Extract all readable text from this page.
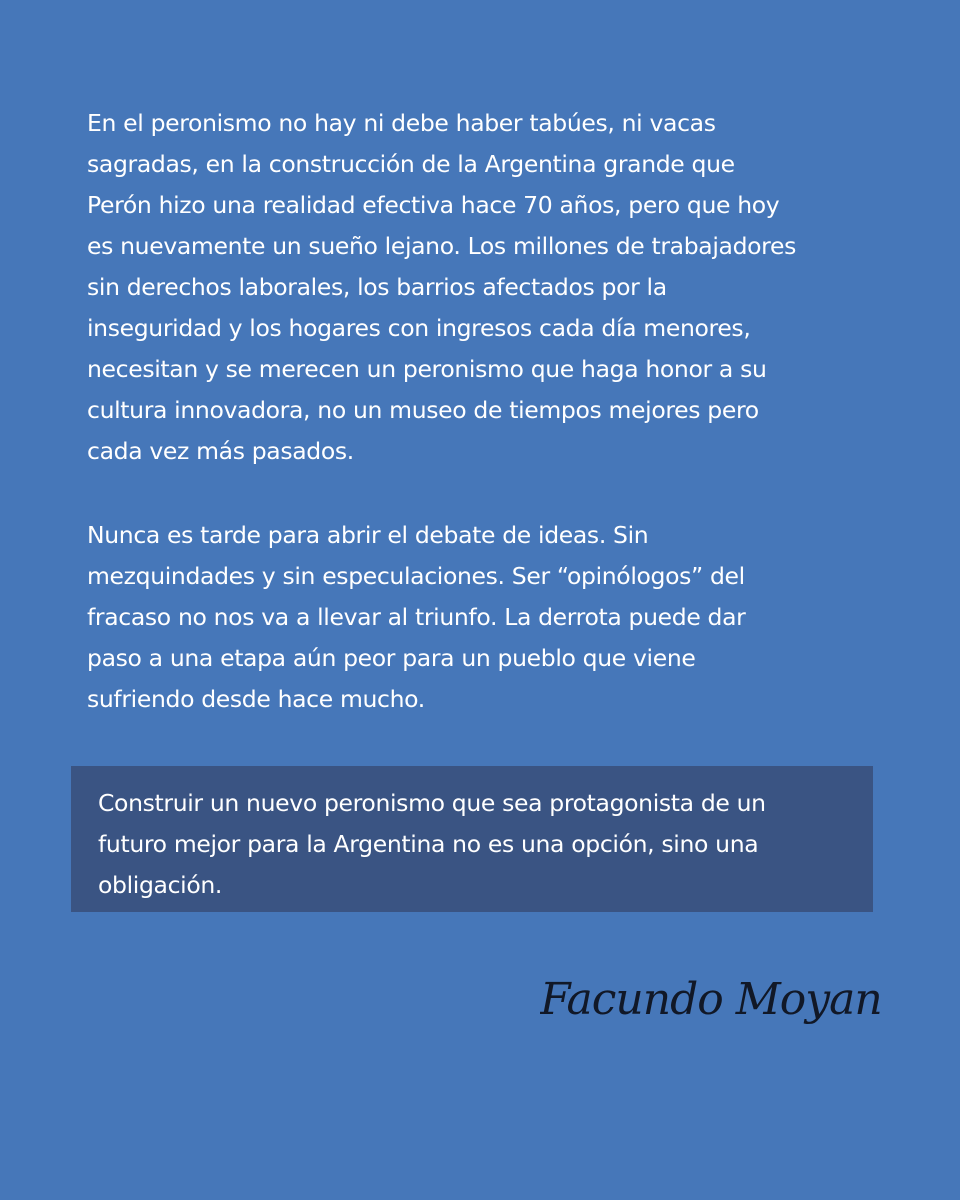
En el peronismo no hay ni debe haber tabúes, ni vacas
sagradas, en la construcción de la Argentina grande que
Perón hizo una realidad efectiva hace 70 años, pero que hoy
es nuevamente un sueño lejano. Los millones de trabajadores
sin derechos laborales, los barrios afectados por la
inseguridad y los hogares con ingresos cada día menores,
necesitan y se merecen un peronismo que haga honor a su
cultura innovadora, no un museo de tiempos mejores pero
cada vez más pasados.

Nunca es tarde para abrir el debate de ideas. Sin
mezquindades y sin especulaciones. Ser “opinólogos” del
fracaso no nos va a llevar al triunfo. La derrota puede dar
paso a una etapa aún peor para un pueblo que viene
sufriendo desde hace mucho.

Construir un nuevo peronismo que sea protagonista de un
futuro mejor para la Argentina no es una opción, sino una
obligación.

Facundo Moyano
